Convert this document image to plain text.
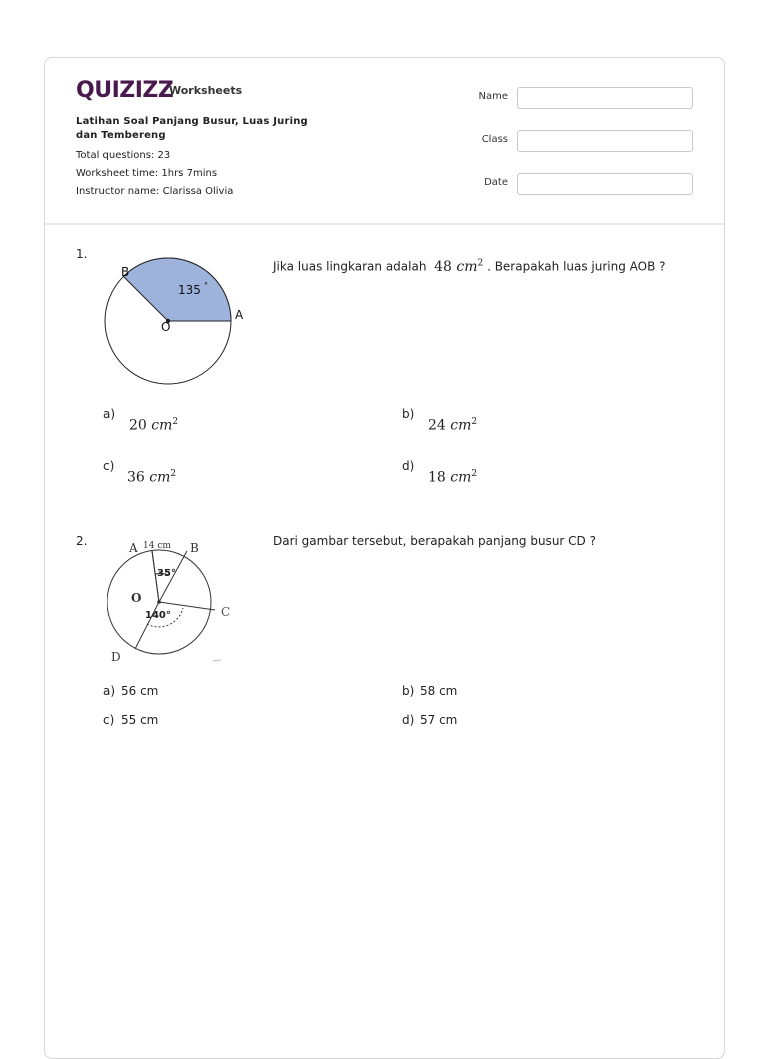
QUIZIZZ
Worksheets
Latihan Soal Panjang Busur, Luas Juring dan Tembereng
Total questions: 23
Worksheet time: 1hrs 7mins
Instructor name: Clarissa Olivia
Name
Class
Date
1.
135 °
B
A
O
Jika luas lingkaran adalah 48 $cm^2$ . Berapakah luas juring AOB ?
a)
20 $cm^2$
b)
24 $cm^2$
c)
36 $cm^2$
d)
18 $cm^2$
2.	A 14 cm B
35°
O
140°	C
D
Dari gambar tersebut, berapakah panjang busur CD ?
a) 56 cm	b) 58 cm
c) 55 cm	d) 57 cm
